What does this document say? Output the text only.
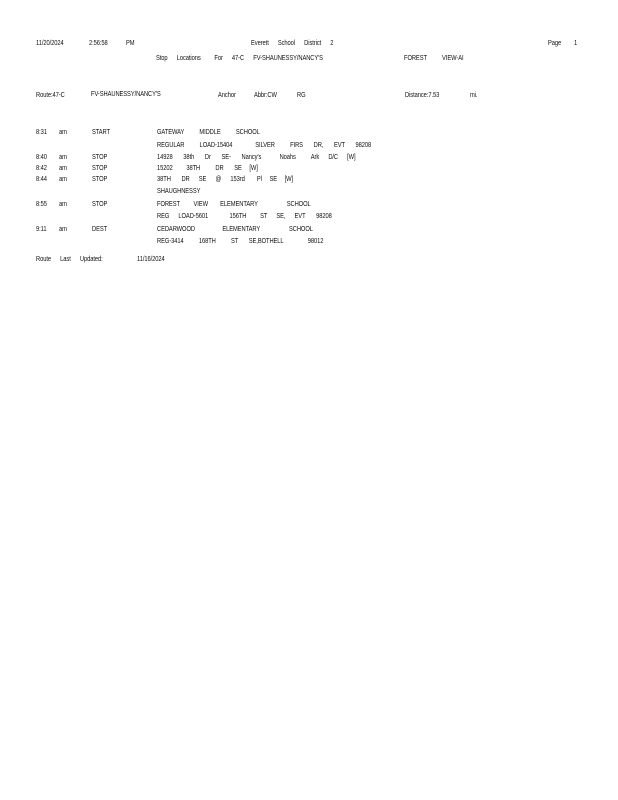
11/20/2024	2:56:58 PM	Everett      School      District      2	Page 1
Stop      Locations         For      47-C      FV-SHAUNESSY/NANCY'S	FOREST          VIEW-AI
Route:47-C	FV-SHAUNESSY/NANCY'S	Anchor Abbr:CW	RG	Distance:7.53	mi.
8:31 am	START	GATEWAY          MIDDLE          SCHOOL
REGULAR          LOAD-15404               SILVER          FIRS       DR,       EVT       98208
8:40 am	STOP	14928       38th       Dr       SE-       Nancy's            Noahs          Ark      D/C      [W]
8:42 am	STOP	15202         38TH          DR       SE     [W]
8:44 am	STOP	38TH       DR      SE      @      153rd        Pl     SE     [W]
SHAUGHNESSY
8:55 am	STOP	FOREST         VIEW        ELEMENTARY                   SCHOOL
REG      LOAD-5601              156TH         ST      SE,      EVT       98208
9:11 am	DEST	CEDARWOOD                  ELEMENTARY                   SCHOOL
REG-3414          168TH          ST       SE,BOTHELL                98012
Route      Last      Updated:	11/16/2024
